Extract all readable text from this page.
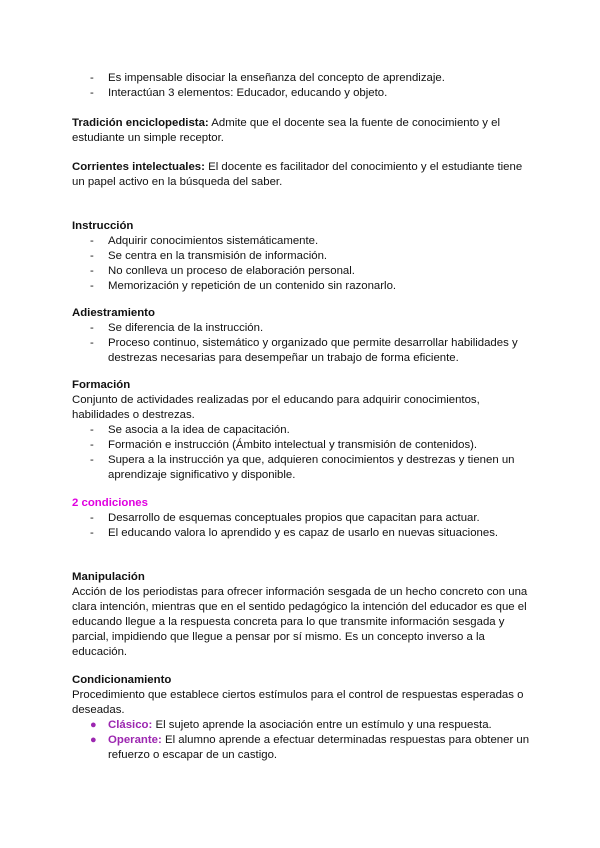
- Es impensable disociar la enseñanza del concepto de aprendizaje.
- Interactúan 3 elementos: Educador, educando y objeto.

Tradición enciclopedista: Admite que el docente sea la fuente de conocimiento y el estudiante un simple receptor.

Corrientes intelectuales: El docente es facilitador del conocimiento y el estudiante tiene un papel activo en la búsqueda del saber.

Instrucción

- Adquirir conocimientos sistemáticamente.
- Se centra en la transmisión de información.
- No conlleva un proceso de elaboración personal.
- Memorización y repetición de un contenido sin razonarlo.

Adiestramiento

- Se diferencia de la instrucción.
- Proceso continuo, sistemático y organizado que permite desarrollar habilidades y destrezas necesarias para desempeñar un trabajo de forma eficiente.

Formación

Conjunto de actividades realizadas por el educando para adquirir conocimientos, habilidades o destrezas.

- Se asocia a la idea de capacitación.
- Formación e instrucción (Ámbito intelectual y transmisión de contenidos).
- Supera a la instrucción ya que, adquieren conocimientos y destrezas y tienen un aprendizaje significativo y disponible.

2 condiciones

- Desarrollo de esquemas conceptuales propios que capacitan para actuar.
- El educando valora lo aprendido y es capaz de usarlo en nuevas situaciones.

Manipulación

Acción de los periodistas para ofrecer información sesgada de un hecho concreto con una clara intención, mientras que en el sentido pedagógico la intención del educador es que el educando llegue a la respuesta concreta para lo que transmite información sesgada y parcial, impidiendo que llegue a pensar por sí mismo. Es un concepto inverso a la educación.

Condicionamiento

Procedimiento que establece ciertos estímulos para el control de respuestas esperadas o deseadas.

● Clásico: El sujeto aprende la asociación entre un estímulo y una respuesta.
● Operante: El alumno aprende a efectuar determinadas respuestas para obtener un refuerzo o escapar de un castigo.
